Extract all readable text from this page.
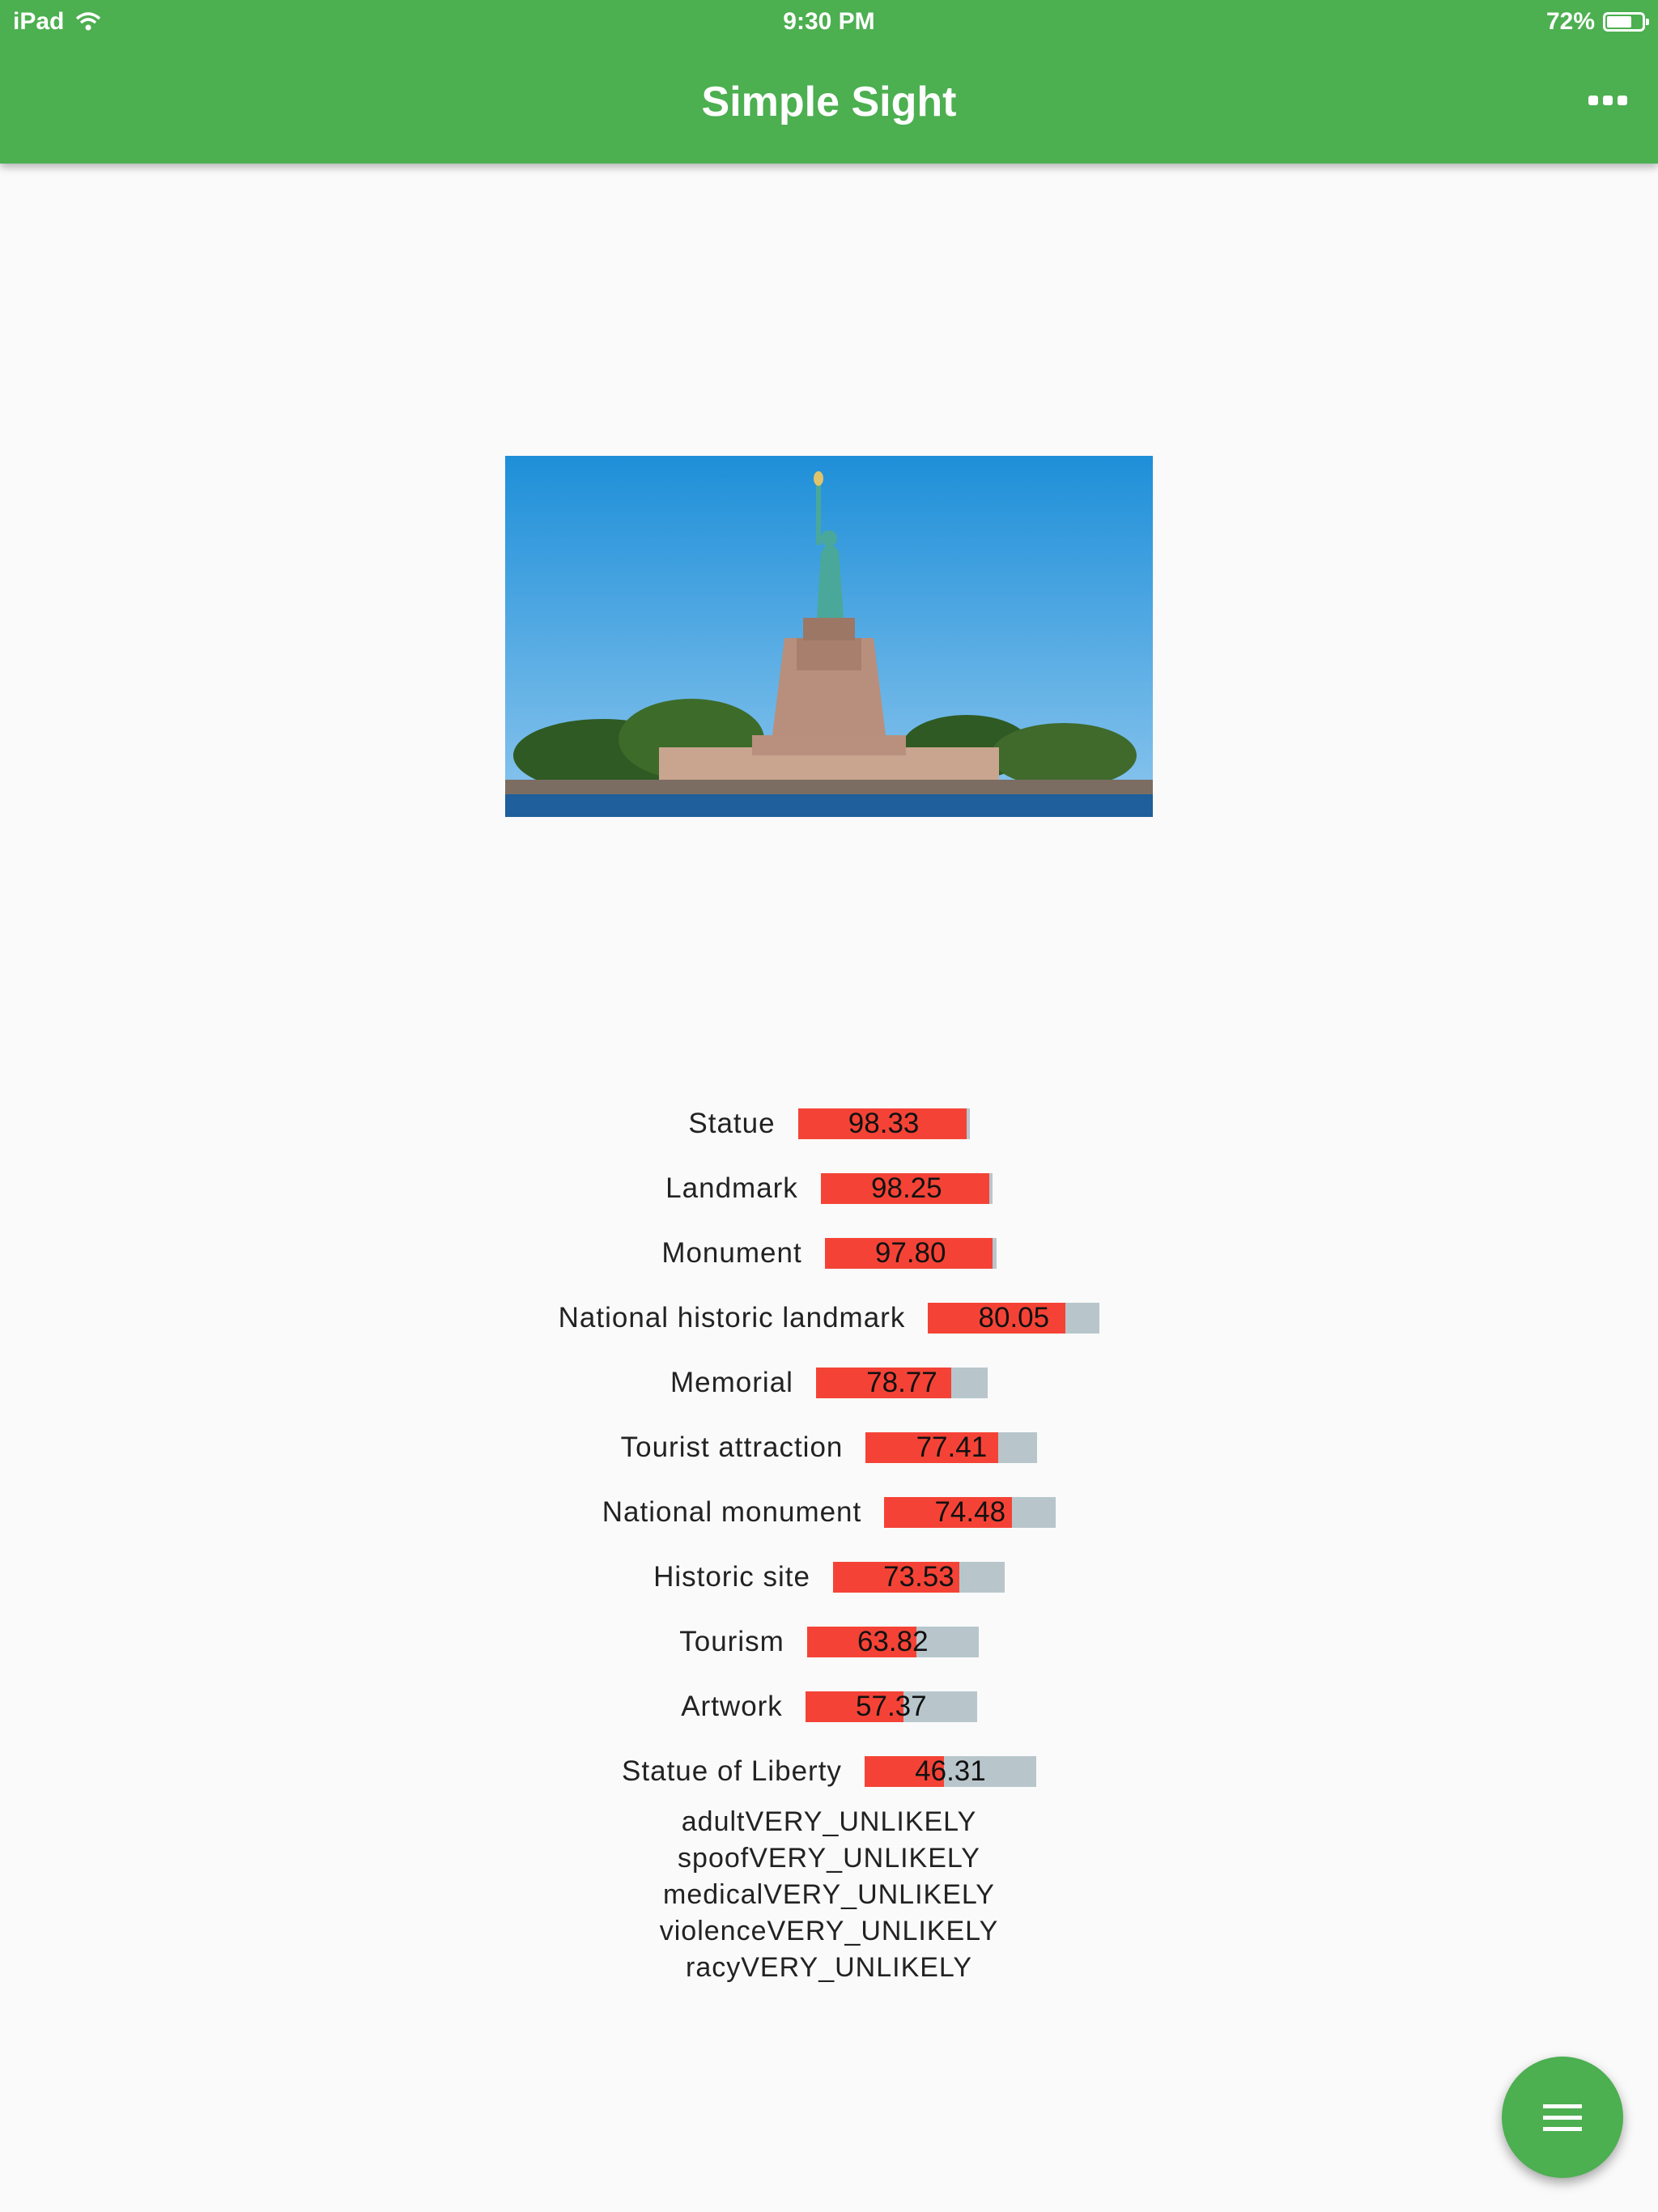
9:30 PM
iPad	72%
Simple Sight
Statue	98.33
Landmark	98.25
Monument	97.80
National historic landmark	80.05
Memorial	78.77
Tourist attraction	77.41
National monument	74.48
Historic site	73.53
Tourism	63.82
Artwork	57.37
Statue of Liberty	46.31
adultVERY_UNLIKELY
spoofVERY_UNLIKELY
medicalVERY_UNLIKELY
violenceVERY_UNLIKELY
racyVERY_UNLIKELY
